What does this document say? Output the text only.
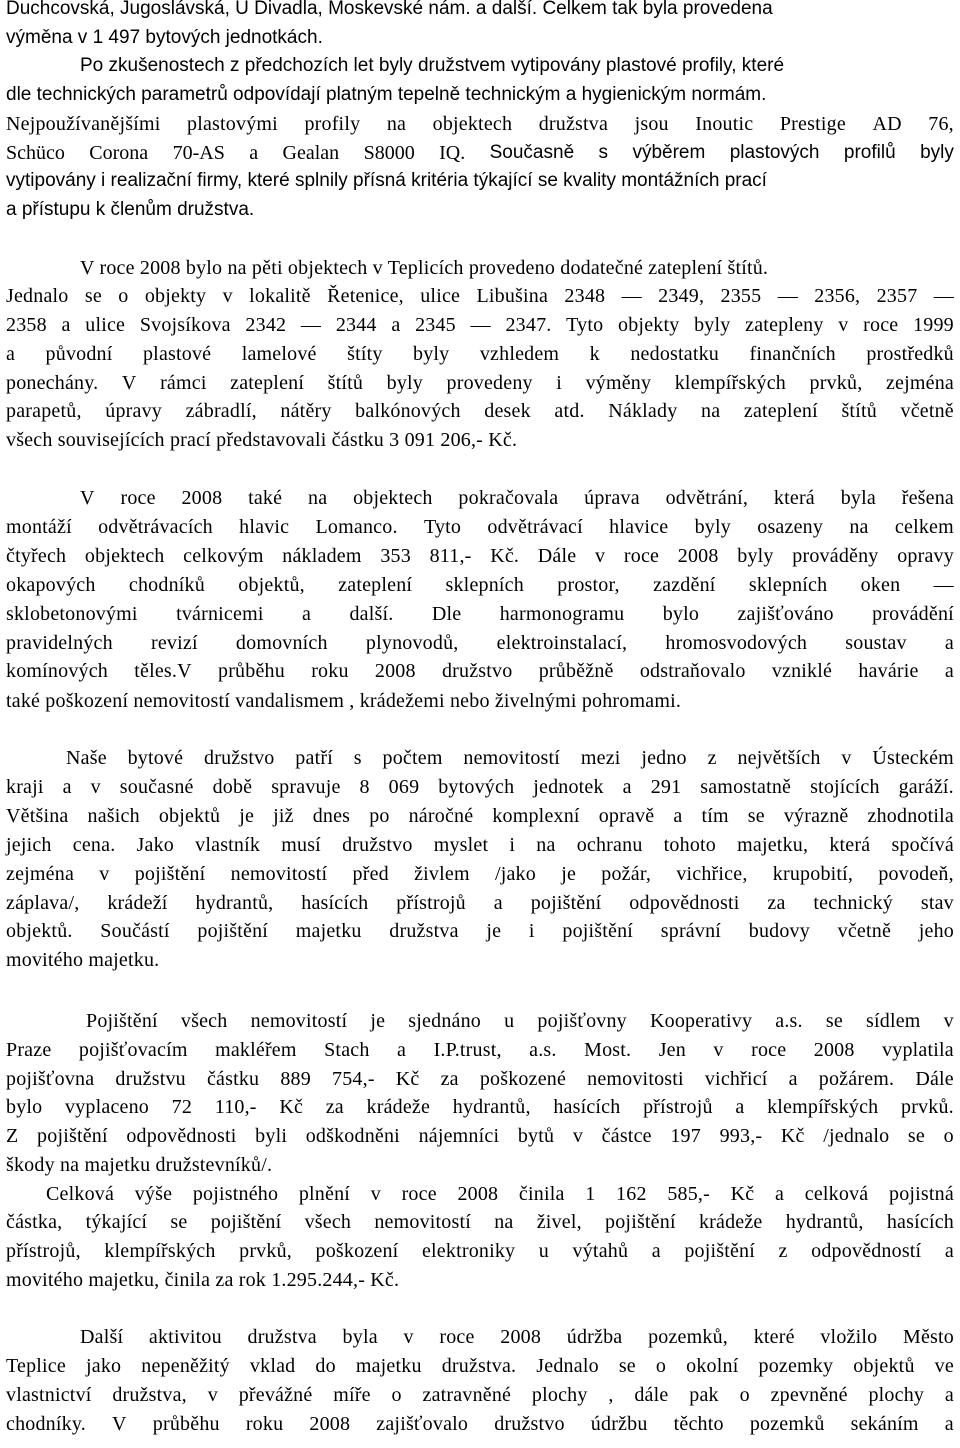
Duchcovská, Jugoslávská, U Divadla, Moskevské nám. a další. Celkem tak byla provedena
výměna v 1 497 bytových jednotkách.
Po zkušenostech z předchozích let byly družstvem vytipovány plastové profily, které
dle technických parametrů odpovídají platným tepelně technickým a hygienickým normám.
Nejpoužívanějšími plastovými profily na objektech družstva jsou Inoutic Prestige AD 76,
Schüco Corona 70-AS a Gealan S8000 IQ. Současně s výběrem plastových profilů byly
vytipovány i realizační firmy, které splnily přísná kritéria týkající se kvality montážních prací
a přístupu k členům družstva.
V roce 2008 bylo na pěti objektech v Teplicích provedeno dodatečné zateplení štítů.
Jednalo se o objekty v lokalitě Řetenice, ulice Libušina 2348 — 2349, 2355 — 2356, 2357 —
2358 a ulice Svojsíkova 2342 — 2344 a 2345 — 2347. Tyto objekty byly zatepleny v roce 1999
a původní plastové lamelové štíty byly vzhledem k nedostatku finančních prostředků
ponechány. V rámci zateplení štítů byly provedeny i výměny klempířských prvků, zejména
parapetů, úpravy zábradlí, nátěry balkónových desek atd. Náklady na zateplení štítů včetně
všech souvisejících prací představovali částku 3 091 206,- Kč.
V roce 2008 také na objektech pokračovala úprava odvětrání, která byla řešena
montáží odvětrávacích hlavic Lomanco. Tyto odvětrávací hlavice byly osazeny na celkem
čtyřech objektech celkovým nákladem 353 811,- Kč. Dále v roce 2008 byly prováděny opravy
okapových chodníků objektů, zateplení sklepních prostor, zazdění sklepních oken —
sklobetonovými tvárnicemi a další. Dle harmonogramu bylo zajišťováno provádění
pravidelných revizí domovních plynovodů, elektroinstalací, hromosvodových soustav a
komínových těles.V průběhu roku 2008 družstvo průběžně odstraňovalo vzniklé havárie a
také poškození nemovitostí vandalismem , krádežemi nebo živelnými pohromami.
Naše bytové družstvo patří s počtem nemovitostí mezi jedno z největších v Ústeckém
kraji a v současné době spravuje 8 069 bytových jednotek a 291 samostatně stojících garáží.
Většina našich objektů je již dnes po náročné komplexní opravě a tím se výrazně zhodnotila
jejich cena. Jako vlastník musí družstvo myslet i na ochranu tohoto majetku, která spočívá
zejména v pojištění nemovitostí před živlem /jako je požár, vichřice, krupobití, povodeň,
záplava/, krádeží hydrantů, hasících přístrojů a pojištění odpovědnosti za technický stav
objektů. Součástí pojištění majetku družstva je i pojištění správní budovy včetně jeho
movitého majetku.
Pojištění všech nemovitostí je sjednáno u pojišťovny Kooperativy a.s. se sídlem v
Praze pojišťovacím makléřem Stach a I.P.trust, a.s. Most. Jen v roce 2008 vyplatila
pojišťovna družstvu částku 889 754,- Kč za poškozené nemovitosti vichřicí a požárem. Dále
bylo vyplaceno 72 110,- Kč za krádeže hydrantů, hasících přístrojů a klempířských prvků.
Z pojištění odpovědnosti byli odškodněni nájemníci bytů v částce 197 993,- Kč /jednalo se o
škody na majetku družstevníků/.
Celková výše pojistného plnění v roce 2008 činila 1 162 585,- Kč a celková pojistná
částka, týkající se pojištění všech nemovitostí na živel, pojištění krádeže hydrantů, hasících
přístrojů, klempířských prvků, poškození elektroniky u výtahů a pojištění z odpovědností a
movitého majetku, činila za rok 1.295.244,- Kč.
Další aktivitou družstva byla v roce 2008 údržba pozemků, které vložilo Město
Teplice jako nepeněžitý vklad do majetku družstva. Jednalo se o okolní pozemky objektů ve
vlastnictví družstva, v převážné míře o zatravněné plochy , dále pak o zpevněné plochy a
chodníky. V průběhu roku 2008 zajišťovalo družstvo údržbu těchto pozemků sekáním a
